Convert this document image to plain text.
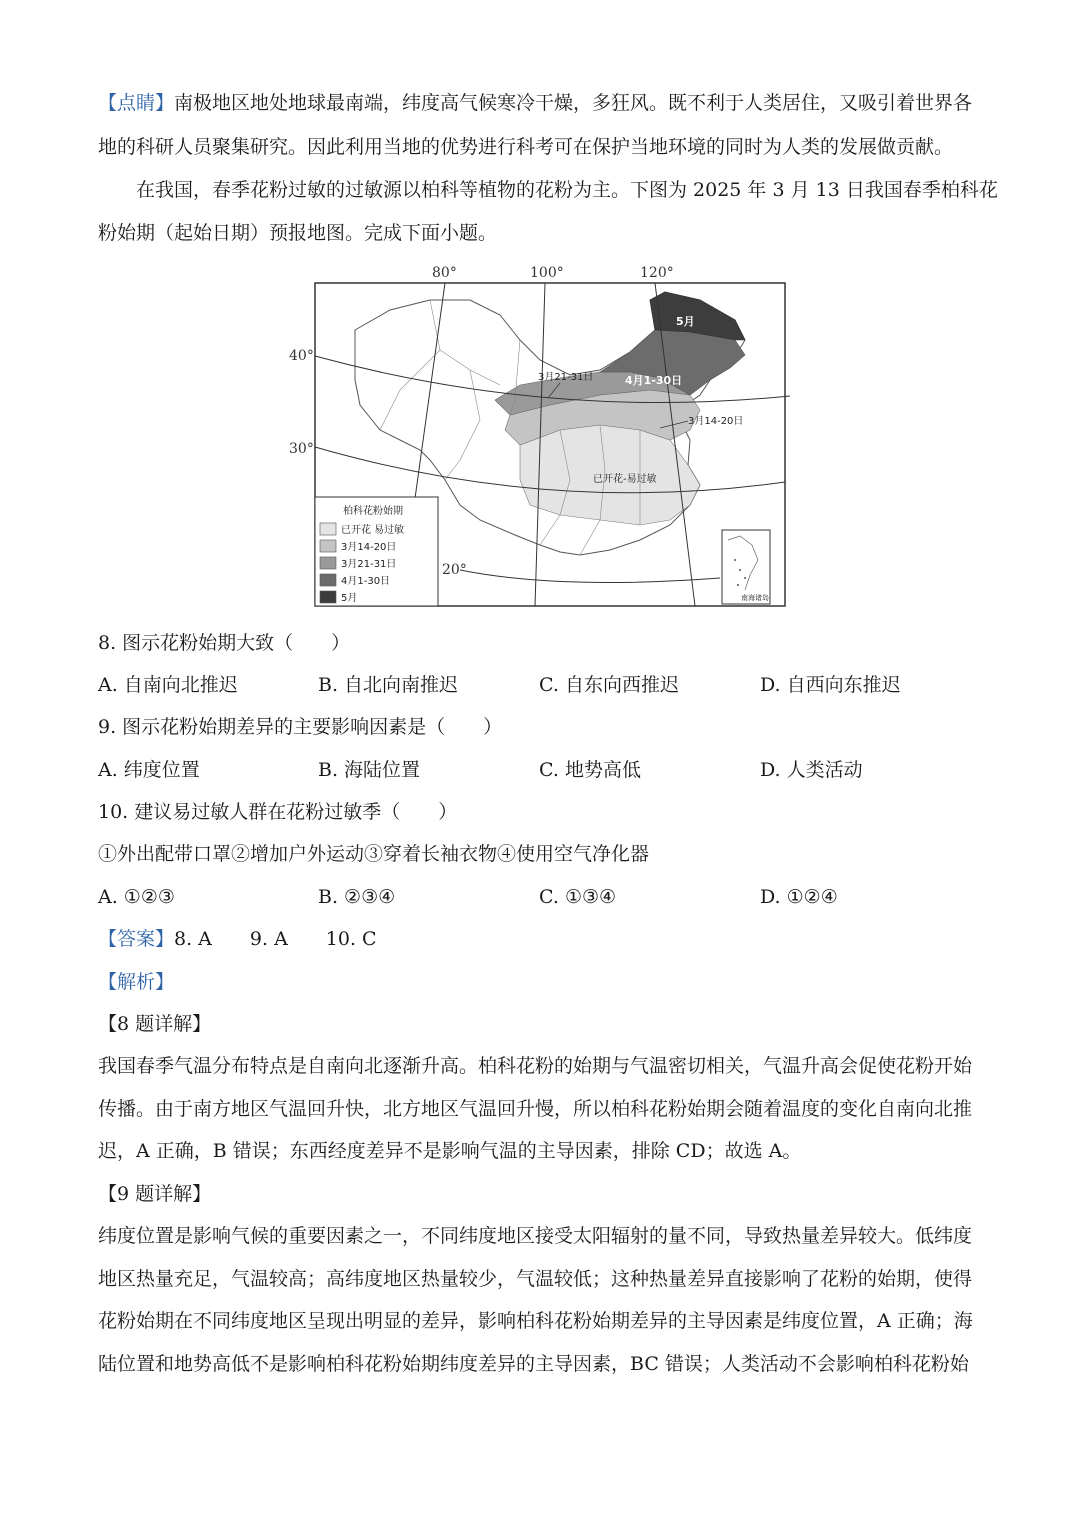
【点睛】南极地区地处地球最南端，纬度高气候寒冷干燥，多狂风。既不利于人类居住，又吸引着世界各
地的科研人员聚集研究。因此利用当地的优势进行科考可在保护当地环境的同时为人类的发展做贡献。
在我国，春季花粉过敏的过敏源以柏科等植物的花粉为主。下图为 2025 年 3 月 13 日我国春季柏科花
粉始期（起始日期）预报地图。完成下面小题。
80°	100°	120°
40°
30°
20°
5月
4月1-30日
3月21-31日
3月14-20日
已开花-易过敏
柏科花粉始期
已开花 易过敏
3月14-20日
3月21-31日
4月1-30日
5月	南海诸岛
8. 图示花粉始期大致（　　）
A. 自南向北推迟	B. 自北向南推迟	C. 自东向西推迟	D. 自西向东推迟
9. 图示花粉始期差异的主要影响因素是（　　）
A. 纬度位置	B. 海陆位置	C. 地势高低	D. 人类活动
10. 建议易过敏人群在花粉过敏季（　　）
①外出配带口罩②增加户外运动③穿着长袖衣物④使用空气净化器
A. ①②③	B. ②③④	C. ①③④	D. ①②④
【答案】8. A 9. A 10. C
【解析】
【8 题详解】
我国春季气温分布特点是自南向北逐渐升高。柏科花粉的始期与气温密切相关，气温升高会促使花粉开始
传播。由于南方地区气温回升快，北方地区气温回升慢，所以柏科花粉始期会随着温度的变化自南向北推
迟，A 正确，B 错误；东西经度差异不是影响气温的主导因素，排除 CD；故选 A。
【9 题详解】
纬度位置是影响气候的重要因素之一，不同纬度地区接受太阳辐射的量不同，导致热量差异较大。低纬度
地区热量充足，气温较高；高纬度地区热量较少，气温较低；这种热量差异直接影响了花粉的始期，使得
花粉始期在不同纬度地区呈现出明显的差异，影响柏科花粉始期差异的主导因素是纬度位置，A 正确；海
陆位置和地势高低不是影响柏科花粉始期纬度差异的主导因素，BC 错误；人类活动不会影响柏科花粉始
